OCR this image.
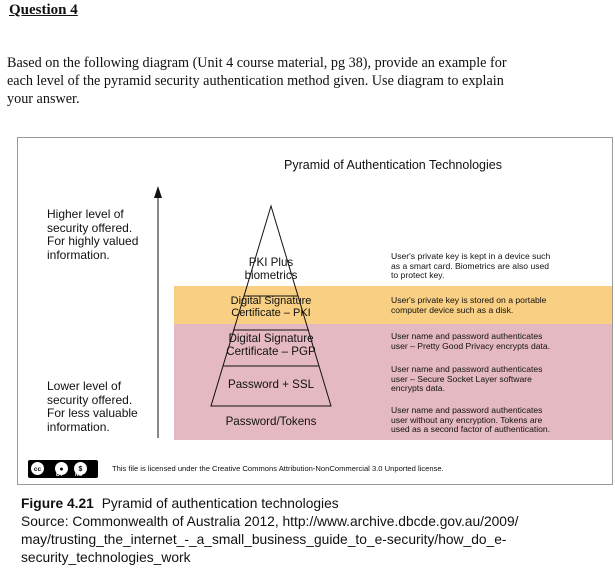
Question 4
Based on the following diagram (Unit 4 course material, pg 38), provide an example for
each level of the pyramid security authentication method given. Use diagram to explain
your answer.
Pyramid of Authentication Technologies
Higher level of
security offered.
For highly valued
information.
Lower level of
security offered.
For less valuable
information.
PKI Plus
biometrics
Digital Signature
Certificate – PKI
Digital Signature
Certificate – PGP
Password + SSL
Password/Tokens
User's private key is kept in a device such
as a smart card. Biometrics are also used
to protect key.
User's private key is stored on a portable
computer device such as a disk.
User name and password authenticates
user – Pretty Good Privacy encrypts data.
User name and password authenticates
user – Secure Socket Layer software
encrypts data.
User name and password authenticates
user without any encryption. Tokens are
used as a second factor of authentication.
cc	●	$
BY NC
This file is licensed under the Creative Commons Attribution-NonCommercial 3.0 Unported license.
Figure 4.21 Pyramid of authentication technologies
Source: Commonwealth of Australia 2012, http://www.archive.dbcde.gov.au/2009/
may/trusting_the_internet_-_a_small_business_guide_to_e-security/how_do_e-
security_technologies_work
